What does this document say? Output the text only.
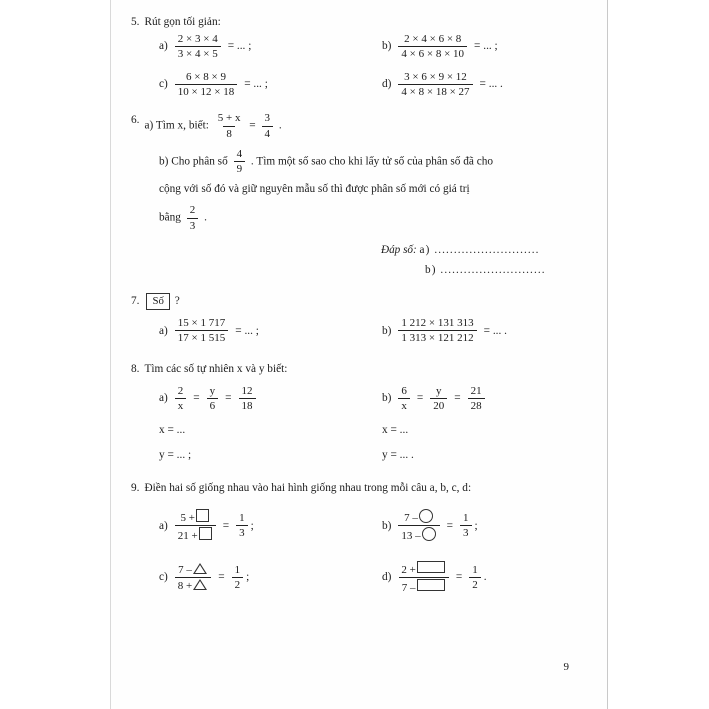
5. Rút gọn tối giản:
$a) \frac{2 \times 3 \times 4}{3 \times 4 \times 5}$ = ... ;	$b) \frac{2 \times 4 \times 6 \times 8}{4 \times 6 \times 8 \times 10}$ = ... ;
$c) \frac{6 \times 8 \times 9}{10 \times 12 \times 18}$ = ... ;	$d) \frac{3 \times 6 \times 9 \times 12}{4 \times 8 \times 18 \times 27}$ = ... .
6. a) Tìm x, biết: $\frac{5 + x}{8} = \frac{3}{4}$ .
b) Cho phân số $\frac{4}{9}$ . Tìm một số sao cho khi lấy tử số của phân số đã cho
cộng với số đó và giữ nguyên mẫu số thì được phân số mới có giá trị
bằng $\frac{2}{3}$ .
Đáp số: a) ...........................
b) ...........................
7.	Số ?
$a) \frac{15 \times 1 717}{17 \times 1 515}$ = ... ;	$b) \frac{1 212 \times 131 313}{1 313 \times 121 212}$ = ... .
8. Tìm các số tự nhiên x và y biết:
$a) \frac{2}{x} = \frac{y}{6} = \frac{12}{18}$	$b) \frac{6}{x} = \frac{y}{20} = \frac{21}{28}$
x = ...	x = ...
y = ... ;	y = ... .
9. Điền hai số giống nhau vào hai hình giống nhau trong mỗi câu a, b, c, d:
$a) \frac{5 +}{21 +} = \frac{1}{3}$ ;	$b) \frac{7 -}{13 -} = \frac{1}{3}$ ;
$c) \frac{7 -}{8 +} = \frac{1}{2}$ ;	$d) \frac{2 +}{7 -} = \frac{1}{2}$ .
9
